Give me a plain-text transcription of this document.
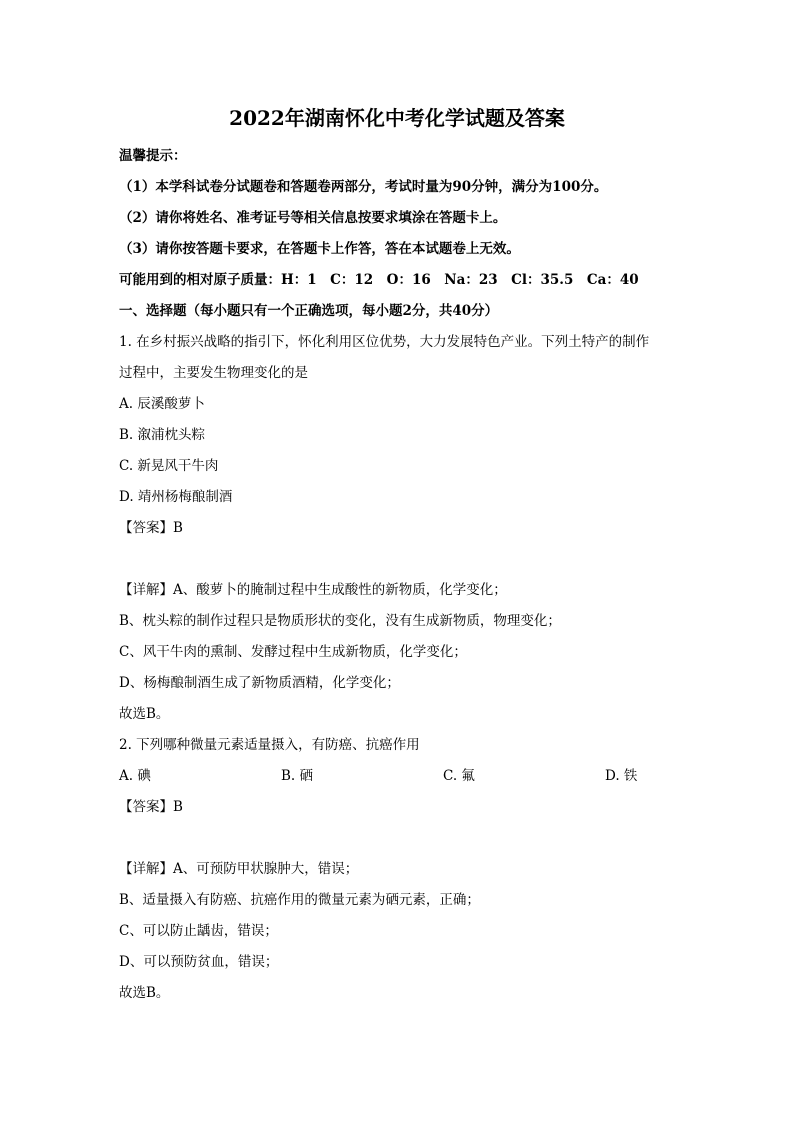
2022年湖南怀化中考化学试题及答案
温馨提示：
（1）本学科试卷分试题卷和答题卷两部分，考试时量为90分钟，满分为100分。
（2）请你将姓名、准考证号等相关信息按要求填涂在答题卡上。
（3）请你按答题卡要求，在答题卡上作答，答在本试题卷上无效。
可能用到的相对原子质量：H：1　C：12　O：16　Na：23　Cl：35.5　Ca：40
一、选择题（每小题只有一个正确选项，每小题2分，共40分）
1. 在乡村振兴战略的指引下，怀化利用区位优势，大力发展特色产业。下列土特产的制作
过程中，主要发生物理变化的是
A. 辰溪酸萝卜
B. 溆浦枕头粽
C. 新晃风干牛肉
D. 靖州杨梅酿制酒
【答案】B
【详解】A、酸萝卜的腌制过程中生成酸性的新物质，化学变化；
B、枕头粽的制作过程只是物质形状的变化，没有生成新物质，物理变化；
C、风干牛肉的熏制、发酵过程中生成新物质，化学变化；
D、杨梅酿制酒生成了新物质酒精，化学变化；
故选B。
2. 下列哪种微量元素适量摄入，有防癌、抗癌作用
A. 碘	B. 硒	C. 氟	D. 铁
【答案】B
【详解】A、可预防甲状腺肿大，错误；
B、适量摄入有防癌、抗癌作用的微量元素为硒元素，正确；
C、可以防止龋齿，错误；
D、可以预防贫血，错误；
故选B。
